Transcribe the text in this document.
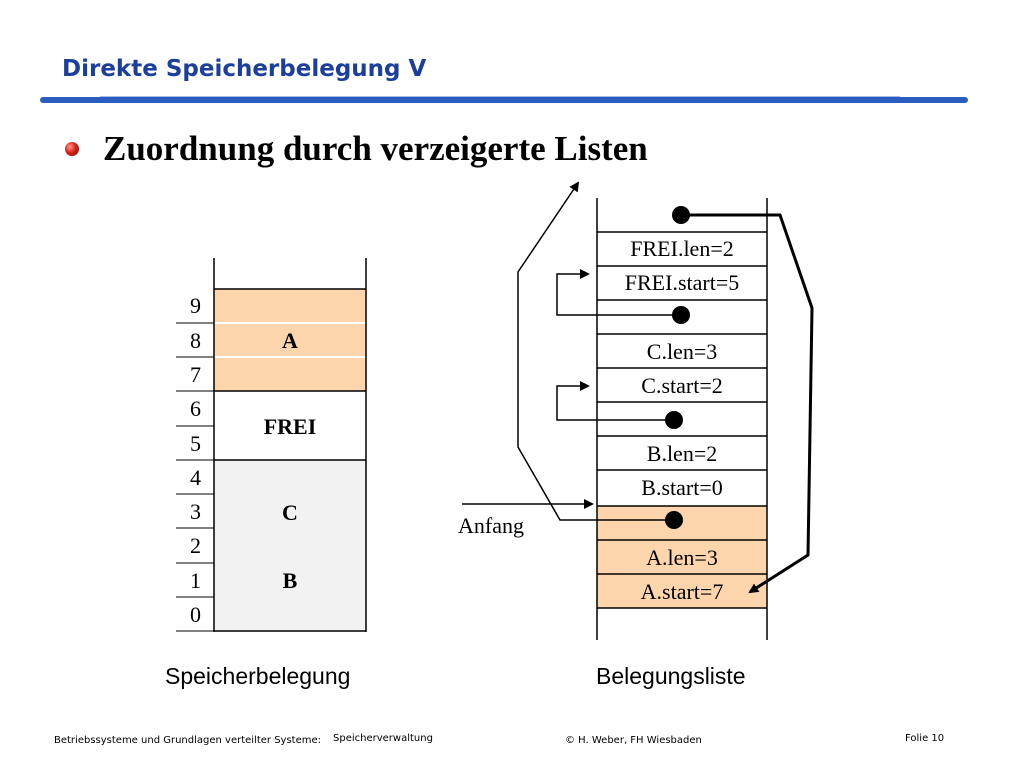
Direkte Speicherbelegung V
Zuordnung durch verzeigerte Listen
9
8
7
6
5
4
3
2
1
0
A
FREI
C
B
FREI.len=2
FREI.start=5
C.len=3
C.start=2
B.len=2
B.start=0
A.len=3
A.start=7
Anfang
Speicherbelegung	Belegungsliste
Betriebssysteme und Grundlagen verteilter Systeme: Speicherverwaltung	© H. Weber, FH Wiesbaden	Folie 10
